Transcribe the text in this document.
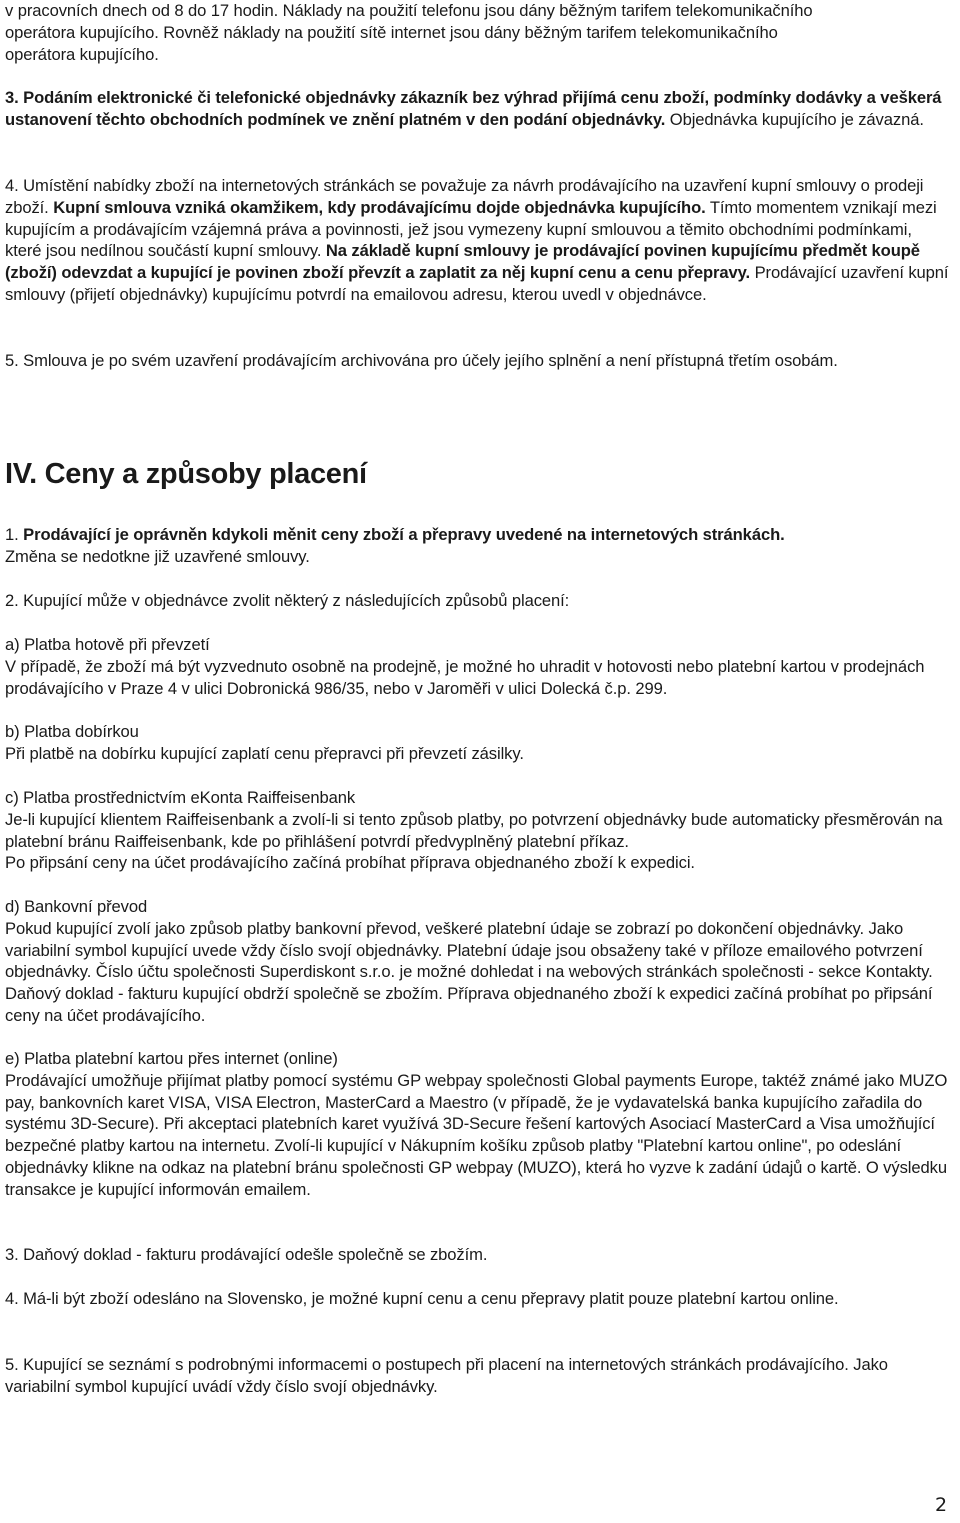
v pracovních dnech od 8 do 17 hodin. Náklady na použití telefonu jsou dány běžným tarifem telekomunikačního

operátora kupujícího. Rovněž náklady na použití sítě internet jsou dány běžným tarifem telekomunikačního

operátora kupujícího.

3. Podáním elektronické či telefonické objednávky zákazník bez výhrad přijímá cenu zboží, podmínky dodávky a veškerá ustanovení těchto obchodních podmínek ve znění platném v den podání objednávky. Objednávka kupujícího je závazná.

4. Umístění nabídky zboží na internetových stránkách se považuje za návrh prodávajícího na uzavření kupní smlouvy o prodeji zboží. Kupní smlouva vzniká okamžikem, kdy prodávajícímu dojde objednávka kupujícího. Tímto momentem vznikají mezi kupujícím a prodávajícím vzájemná práva a povinnosti, jež jsou vymezeny kupní smlouvou a těmito obchodními podmínkami, které jsou nedílnou součástí kupní smlouvy. Na základě kupní smlouvy je prodávající povinen kupujícímu předmět koupě (zboží) odevzdat a kupující je povinen zboží převzít a zaplatit za něj kupní cenu a cenu přepravy. Prodávající uzavření kupní smlouvy (přijetí objednávky) kupujícímu potvrdí na emailovou adresu, kterou uvedl v objednávce.

5. Smlouva je po svém uzavření prodávajícím archivována pro účely jejího splnění a není přístupná třetím osobám.

IV. Ceny a způsoby placení

1. Prodávající je oprávněn kdykoli měnit ceny zboží a přepravy uvedené na internetových stránkách.

Změna se nedotkne již uzavřené smlouvy.

2. Kupující může v objednávce zvolit některý z následujících způsobů placení:

a) Platba hotově při převzetí

V případě, že zboží má být vyzvednuto osobně na prodejně, je možné ho uhradit v hotovosti nebo platební kartou v prodejnách prodávajícího v Praze 4 v ulici Dobronická 986/35, nebo v Jaroměři v ulici Dolecká č.p. 299.

b) Platba dobírkou

Při platbě na dobírku kupující zaplatí cenu přepravci při převzetí zásilky.

c) Platba prostřednictvím eKonta Raiffeisenbank

Je-li kupující klientem Raiffeisenbank a zvolí-li si tento způsob platby, po potvrzení objednávky bude automaticky přesměrován na platební bránu Raiffeisenbank, kde po přihlášení potvrdí předvyplněný platební příkaz.

Po připsání ceny na účet prodávajícího začíná probíhat příprava objednaného zboží k expedici.

d) Bankovní převod

Pokud kupující zvolí jako způsob platby bankovní převod, veškeré platební údaje se zobrazí po dokončení objednávky. Jako variabilní symbol kupující uvede vždy číslo svojí objednávky. Platební údaje jsou obsaženy také v příloze emailového potvrzení objednávky. Číslo účtu společnosti Superdiskont s.r.o. je možné dohledat i na webových stránkách společnosti - sekce Kontakty. Daňový doklad - fakturu kupující obdrží společně se zbožím. Příprava objednaného zboží k expedici začíná probíhat po připsání ceny na účet prodávajícího.

e) Platba platební kartou přes internet (online)

Prodávající umožňuje přijímat platby pomocí systému GP webpay společnosti Global payments Europe, taktéž známé jako MUZO pay, bankovních karet VISA, VISA Electron, MasterCard a Maestro (v případě, že je vydavatelská banka kupujícího zařadila do systému 3D-Secure). Při akceptaci platebních karet využívá 3D-Secure řešení kartových Asociací MasterCard a Visa umožňující bezpečné platby kartou na internetu. Zvolí-li kupující v Nákupním košíku způsob platby "Platební kartou online", po odeslání objednávky klikne na odkaz na platební bránu společnosti GP webpay (MUZO), která ho vyzve k zadání údajů o kartě. O výsledku transakce je kupující informován emailem.

3. Daňový doklad - fakturu prodávající odešle společně se zbožím.

4. Má-li být zboží odesláno na Slovensko, je možné kupní cenu a cenu přepravy platit pouze platební kartou online.

5. Kupující se seznámí s podrobnými informacemi o postupech při placení na internetových stránkách prodávajícího. Jako variabilní symbol kupující uvádí vždy číslo svojí objednávky.

2
